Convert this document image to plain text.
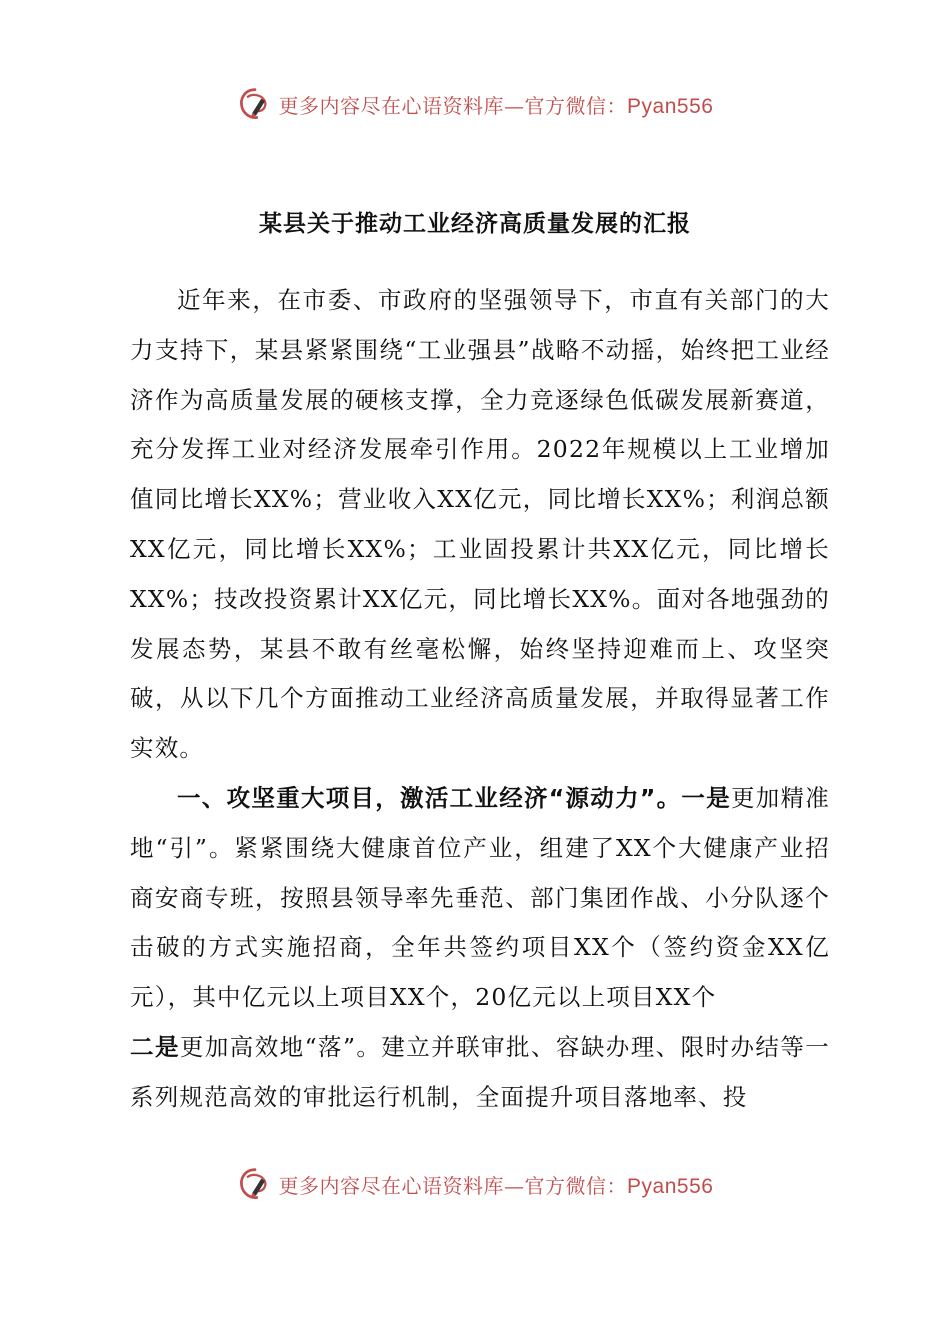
更多内容尽在心语资料库—官方微信：Pyan556
某县关于推动工业经济高质量发展的汇报

近年来，在市委、市政府的坚强领导下，市直有关部门的大力支持下，某县紧紧围绕“工业强县”战略不动摇，始终把工业经济作为高质量发展的硬核支撑，全力竞逐绿色低碳发展新赛道，充分发挥工业对经济发展牵引作用。2022年规模以上工业增加值同比增长XX%；营业收入XX亿元，同比增长XX%；利润总额XX亿元，同比增长XX%；工业固投累计共XX亿元，同比增长XX%；技改投资累计XX亿元，同比增长XX%。面对各地强劲的发展态势，某县不敢有丝毫松懈，始终坚持迎难而上、攻坚突破，从以下几个方面推动工业经济高质量发展，并取得显著工作实效。

一、攻坚重大项目，激活工业经济“源动力”。一是更加精准地“引”。紧紧围绕大健康首位产业，组建了XX个大健康产业招商安商专班，按照县领导率先垂范、部门集团作战、小分队逐个击破的方式实施招商，全年共签约项目XX个（签约资金XX亿元），其中亿元以上项目XX个，20亿元以上项目XX个
二是更加高效地“落”。建立并联审批、容缺办理、限时办结等一系列规范高效的审批运行机制，全面提升项目落地率、投

更多内容尽在心语资料库—官方微信：Pyan556
